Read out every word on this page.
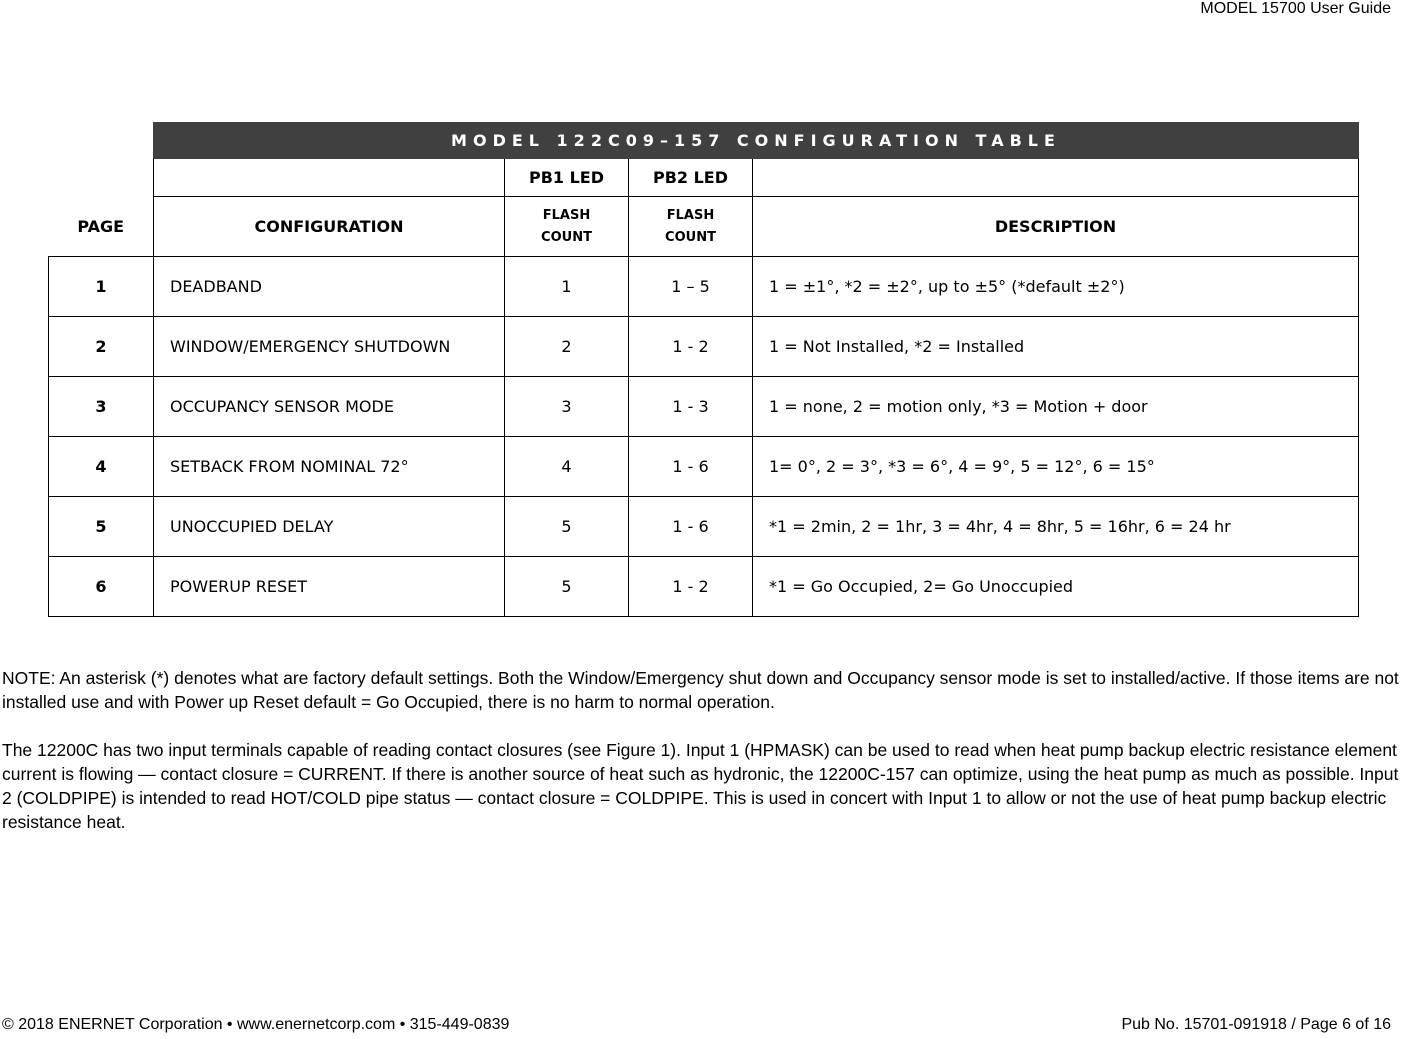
MODEL 15700 User Guide
	MODEL 122C09–157 CONFIGURATION TABLE			
		PB1 LED	PB2 LED	
PAGE	CONFIGURATION	FLASH COUNT	FLASH COUNT	DESCRIPTION
1	DEADBAND	1	1 – 5	1 = ±1°, *2 = ±2°, up to ±5° (*default ±2°)
2	WINDOW/EMERGENCY SHUTDOWN	2	1 - 2	1 = Not Installed, *2 = Installed
3	OCCUPANCY SENSOR MODE	3	1 - 3	1 = none, 2 = motion only, *3 = Motion + door
4	SETBACK FROM NOMINAL 72°	4	1 - 6	1= 0°, 2 = 3°, *3 = 6°, 4 = 9°, 5 = 12°, 6 = 15°
5	UNOCCUPIED DELAY	5	1 - 6	*1 = 2min, 2 = 1hr, 3 = 4hr, 4 = 8hr, 5 = 16hr, 6 = 24 hr
6	POWERUP RESET	5	1 - 2	*1 = Go Occupied, 2= Go Unoccupied

NOTE: An asterisk (*) denotes what are factory default settings. Both the Window/Emergency shut down and Occupancy sensor mode is set to installed/active. If those items are not installed use and with Power up Reset default = Go Occupied, there is no harm to normal operation.

The 12200C has two input terminals capable of reading contact closures (see Figure 1). Input 1 (HPMASK) can be used to read when heat pump backup electric resistance element current is flowing — contact closure = CURRENT. If there is another source of heat such as hydronic, the 12200C-157 can optimize, using the heat pump as much as possible. Input 2 (COLDPIPE) is intended to read HOT/COLD pipe status — contact closure = COLDPIPE. This is used in concert with Input 1 to allow or not the use of heat pump backup electric resistance heat.

© 2018 ENERNET Corporation • www.enernetcorp.com • 315-449-0839	Pub No. 15701-091918 / Page 6 of 16
